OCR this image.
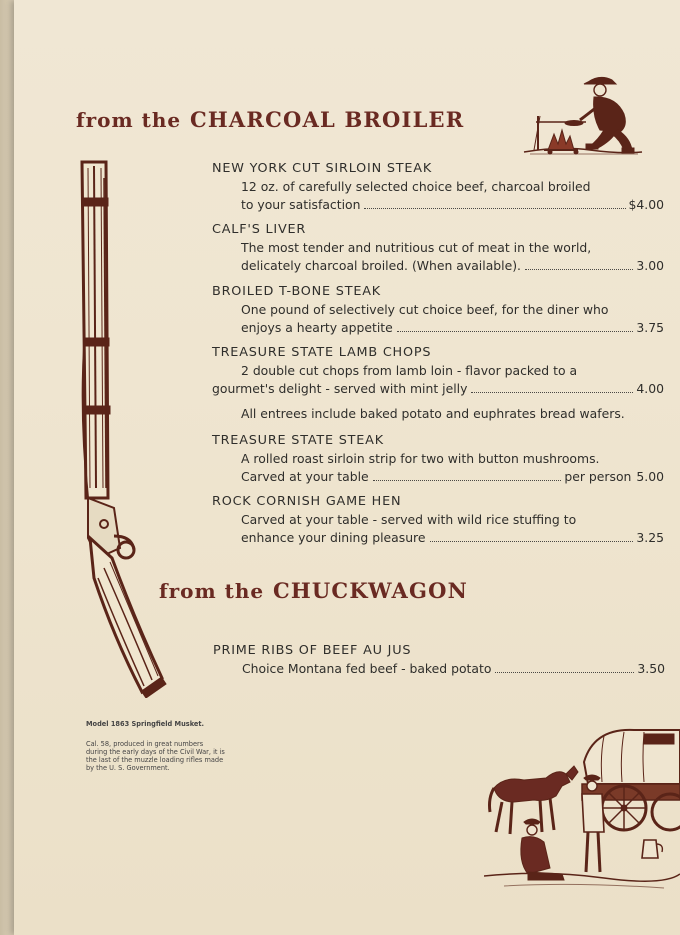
from the CHARCOAL BROILER
NEW YORK CUT SIRLOIN STEAK
12 oz. of carefully selected choice beef, charcoal broiled
to your satisfaction	$4.00
CALF'S LIVER
The most tender and nutritious cut of meat in the world,
delicately charcoal broiled. (When available).	3.00
BROILED T-BONE STEAK
One pound of selectively cut choice beef, for the diner who
enjoys a hearty appetite	3.75
TREASURE STATE LAMB CHOPS
2 double cut chops from lamb loin - flavor packed to a
gourmet's delight - served with mint jelly	4.00
All entrees include baked potato and euphrates bread wafers.
TREASURE STATE STEAK
A rolled roast sirloin strip for two with button mushrooms.
Carved at your table	per person 5.00
ROCK CORNISH GAME HEN
Carved at your table - served with wild rice stuffing to
enhance your dining pleasure	3.25
from the CHUCKWAGON
PRIME RIBS OF BEEF AU JUS
Choice Montana fed beef - baked potato	3.50
Model 1863 Springfield Musket.
Cal. 58, produced in great numbers during the early days of the Civil War, it is the last of the muzzle loading rifles made by the U. S. Government.
